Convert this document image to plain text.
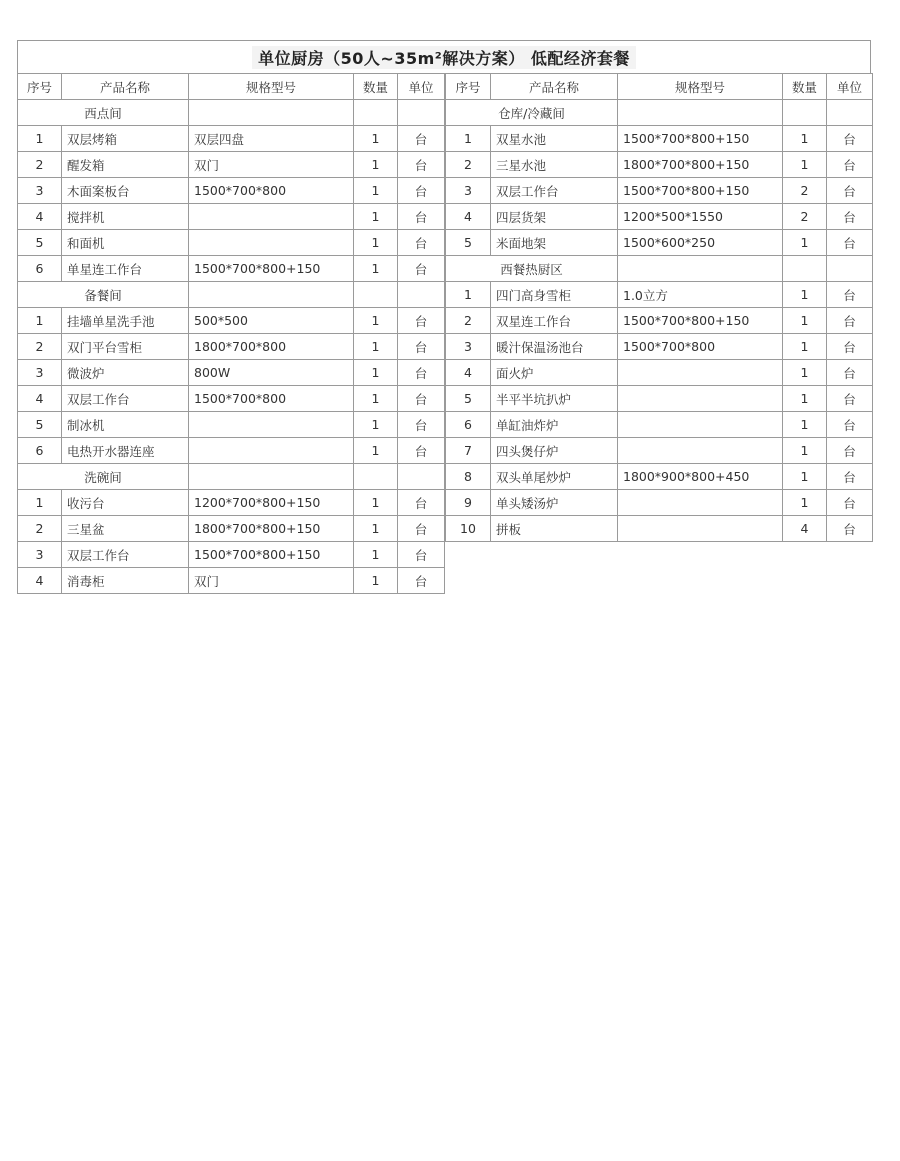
单位厨房（50人~35m²解决方案） 低配经济套餐
序号	产品名称	规格型号	数量	单位
西点间				
1	双层烤箱	双层四盘	1	台
2	醒发箱	双门	1	台
3	木面案板台	1500*700*800	1	台
4	搅拌机		1	台
5	和面机		1	台
6	单星连工作台	1500*700*800+150	1	台
备餐间				
1	挂墙单星洗手池	500*500	1	台
2	双门平台雪柜	1800*700*800	1	台
3	微波炉	800W	1	台
4	双层工作台	1500*700*800	1	台
5	制冰机		1	台
6	电热开水器连座		1	台
洗碗间				
1	收污台	1200*700*800+150	1	台
2	三星盆	1800*700*800+150	1	台
3	双层工作台	1500*700*800+150	1	台
4	消毒柜	双门	1	台
序号	产品名称	规格型号	数量	单位
仓库/冷藏间				
1	双星水池	1500*700*800+150	1	台
2	三星水池	1800*700*800+150	1	台
3	双层工作台	1500*700*800+150	2	台
4	四层货架	1200*500*1550	2	台
5	米面地架	1500*600*250	1	台
西餐热厨区				
1	四门高身雪柜	1.0立方	1	台
2	双星连工作台	1500*700*800+150	1	台
3	暖汁保温汤池台	1500*700*800	1	台
4	面火炉		1	台
5	半平半坑扒炉		1	台
6	单缸油炸炉		1	台
7	四头煲仔炉		1	台
8	双头单尾炒炉	1800*900*800+450	1	台
9	单头矮汤炉		1	台
10	拼板		4	台
